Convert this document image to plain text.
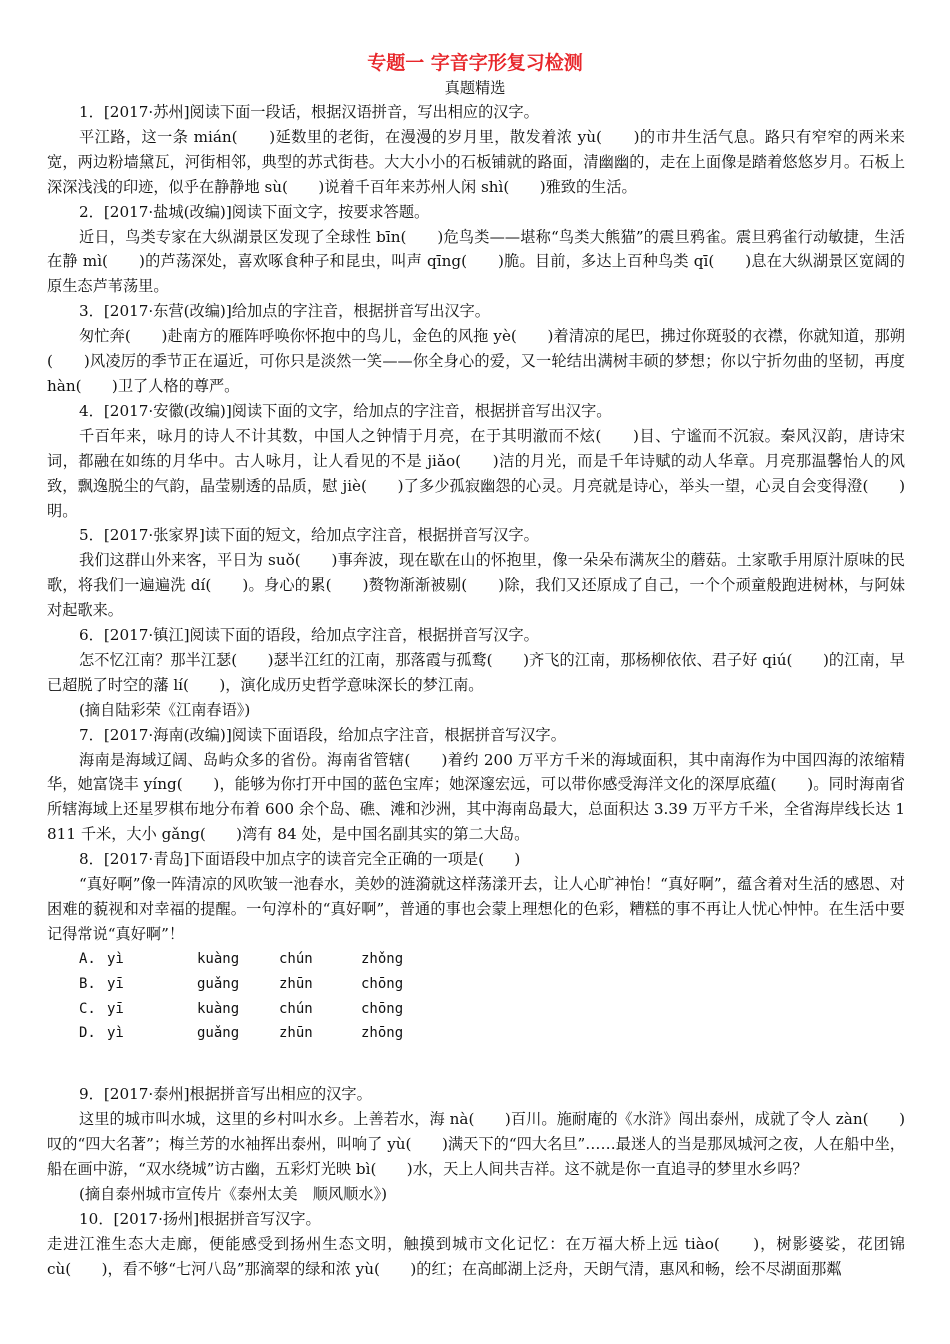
专题一 字音字形复习检测
真题精选

1．[2017·苏州]阅读下面一段话，根据汉语拼音，写出相应的汉字。

平江路，这一条 mián(　　)延数里的老街，在漫漫的岁月里，散发着浓 yù(　　)的市井生活气息。路只有窄窄的两米来宽，两边粉墙黛瓦，河街相邻，典型的苏式街巷。大大小小的石板铺就的路面，清幽幽的，走在上面像是踏着悠悠岁月。石板上深深浅浅的印迹，似乎在静静地 sù(　　)说着千百年来苏州人闲 shì(　　)雅致的生活。

2．[2017·盐城(改编)]阅读下面文字，按要求答题。

近日，鸟类专家在大纵湖景区发现了全球性 bīn(　　)危鸟类——堪称“鸟类大熊猫”的震旦鸦雀。震旦鸦雀行动敏捷，生活在静 mì(　　)的芦荡深处，喜欢啄食种子和昆虫，叫声 qīng(　　)脆。目前，多达上百种鸟类 qī(　　)息在大纵湖景区宽阔的原生态芦苇荡里。

3．[2017·东营(改编)]给加点的字注音，根据拼音写出汉字。

匆忙奔(　　)赴南方的雁阵呼唤你怀抱中的鸟儿，金色的风拖 yè(　　)着清凉的尾巴，拂过你斑驳的衣襟，你就知道，那朔(　　)风凌厉的季节正在逼近，可你只是淡然一笑——你全身心的爱，又一轮结出满树丰硕的梦想；你以宁折勿曲的坚韧，再度 hàn(　　)卫了人格的尊严。

4．[2017·安徽(改编)]阅读下面的文字，给加点的字注音，根据拼音写出汉字。

千百年来，咏月的诗人不计其数，中国人之钟情于月亮，在于其明澈而不炫(　　)目、宁谧而不沉寂。秦风汉韵，唐诗宋词，都融在如练的月华中。古人咏月，让人看见的不是 jiǎo(　　)洁的月光，而是千年诗赋的动人华章。月亮那温馨怡人的风致，飘逸脱尘的气韵，晶莹剔透的品质，慰 jiè(　　)了多少孤寂幽怨的心灵。月亮就是诗心，举头一望，心灵自会变得澄(　　)明。

5．[2017·张家界]读下面的短文，给加点字注音，根据拼音写汉字。

我们这群山外来客，平日为 suǒ(　　)事奔波，现在歇在山的怀抱里，像一朵朵布满灰尘的蘑菇。土家歌手用原汁原味的民歌，将我们一遍遍洗 dí(　　)。身心的累(　　)赘物渐渐被剔(　　)除，我们又还原成了自己，一个个顽童般跑进树林，与阿妹对起歌来。

6．[2017·镇江]阅读下面的语段，给加点字注音，根据拼音写汉字。

怎不忆江南？那半江瑟(　　)瑟半江红的江南，那落霞与孤鹜(　　)齐飞的江南，那杨柳依依、君子好 qiú(　　)的江南，早已超脱了时空的藩 lí(　　)，演化成历史哲学意味深长的梦江南。

(摘自陆彩荣《江南春语》)

7．[2017·海南(改编)]阅读下面语段，给加点字注音，根据拼音写汉字。

海南是海域辽阔、岛屿众多的省份。海南省管辖(　　)着约 200 万平方千米的海域面积，其中南海作为中国四海的浓缩精华，她富饶丰 yíng(　　)，能够为你打开中国的蓝色宝库；她深邃宏远，可以带你感受海洋文化的深厚底蕴(　　)。同时海南省所辖海域上还星罗棋布地分布着 600 余个岛、礁、滩和沙洲，其中海南岛最大，总面积达 3.39 万平方千米，全省海岸线长达 1 811 千米，大小 gǎng(　　)湾有 84 处，是中国名副其实的第二大岛。

8．[2017·青岛]下面语段中加点字的读音完全正确的一项是(　　)

“真好啊”像一阵清凉的风吹皱一池春水，美妙的涟漪就这样荡漾开去，让人心旷神怡！“真好啊”，蕴含着对生活的感恩、对困难的藐视和对幸福的提醒。一句淳朴的“真好啊”，普通的事也会蒙上理想化的色彩，糟糕的事不再让人忧心忡忡。在生活中要记得常说“真好啊”！

A. yì	kuàng	chún	zhǒng
B. yī	guǎng	zhūn	chōng
C. yī	kuàng	chún	chōng
D. yì	guǎng	zhūn	zhōng

9．[2017·泰州]根据拼音写出相应的汉字。

这里的城市叫水城，这里的乡村叫水乡。上善若水，海 nà(　　)百川。施耐庵的《水浒》闯出泰州，成就了令人 zàn(　　)叹的“四大名著”；梅兰芳的水袖挥出泰州，叫响了 yù(　　)满天下的“四大名旦”……最迷人的当是那凤城河之夜，人在船中坐，船在画中游，“双水绕城”访古幽，五彩灯光映 bì(　　)水，天上人间共吉祥。这不就是你一直追寻的梦里水乡吗？

(摘自泰州城市宣传片《泰州太美　顺风顺水》)

10．[2017·扬州]根据拼音写汉字。

走进江淮生态大走廊，便能感受到扬州生态文明，触摸到城市文化记忆：在万福大桥上远 tiào(　　)，树影婆娑，花团锦 cù(　　)，看不够“七河八岛”那滴翠的绿和浓 yù(　　)的红；在高邮湖上泛舟，天朗气清，惠风和畅，绘不尽湖面那粼
